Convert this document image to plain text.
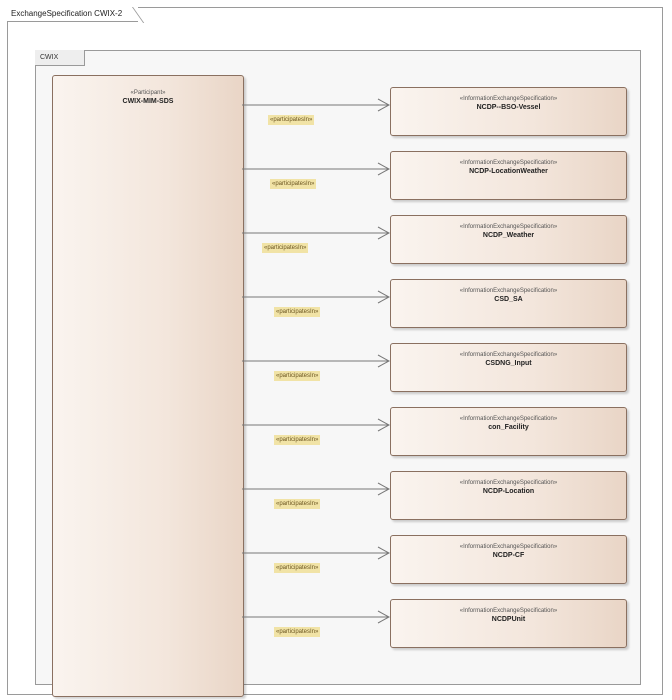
ExchangeSpecification CWIX-2
CWIX
«Participant»
CWIX-MIM-SDS	«InformationExchangeSpecification»
NCDP--BSO-Vessel
«participatesIn»
«InformationExchangeSpecification»
NCDP-LocationWeather
«participatesIn»
«InformationExchangeSpecification»
NCDP_Weather
«participatesIn»
«InformationExchangeSpecification»
CSD_SA
«participatesIn»
«InformationExchangeSpecification»
CSDNG_Input
«participatesIn»
«InformationExchangeSpecification»
con_Facility
«participatesIn»
«InformationExchangeSpecification»
NCDP-Location
«participatesIn»
«InformationExchangeSpecification»
NCDP-CF
«participatesIn»
«InformationExchangeSpecification»
NCDPUnit
«participatesIn»
